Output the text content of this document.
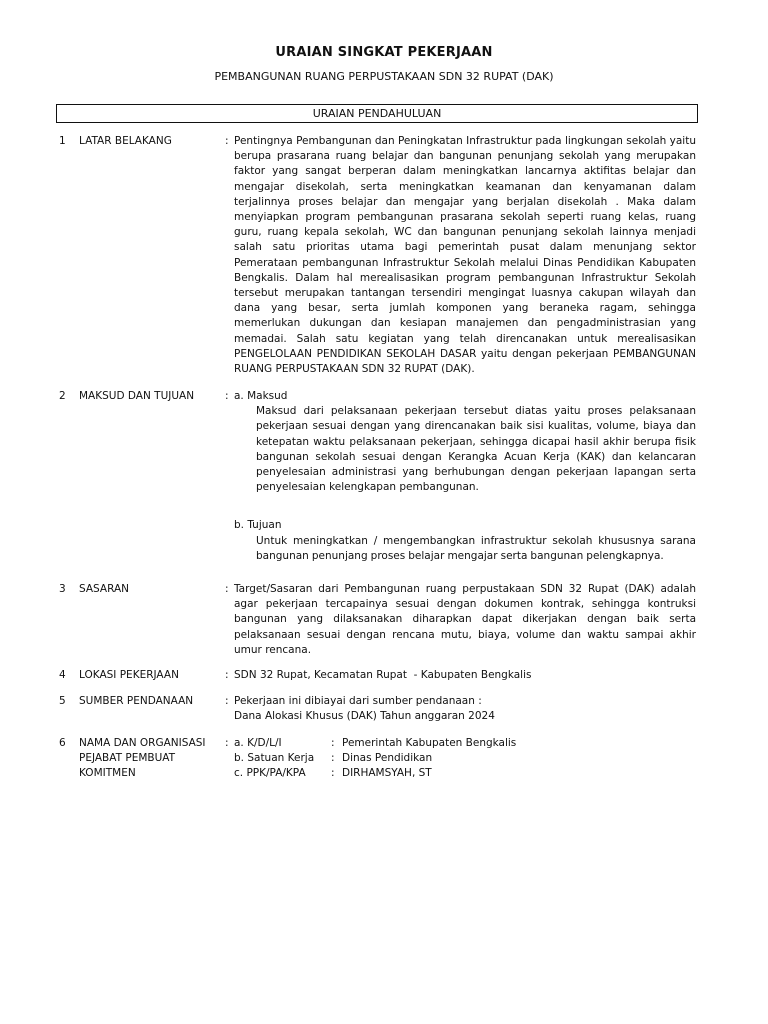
URAIAN SINGKAT PEKERJAAN
PEMBANGUNAN RUANG PERPUSTAKAAN SDN 32 RUPAT (DAK)
URAIAN PENDAHULUAN
1 LATAR BELAKANG	: Pentingnya Pembangunan dan Peningkatan Infrastruktur pada lingkungan sekolah yaitu berupa prasarana ruang belajar dan bangunan penunjang sekolah yang merupakan faktor yang sangat berperan dalam meningkatkan lancarnya aktifitas belajar dan mengajar disekolah, serta meningkatkan keamanan dan kenyamanan dalam terjalinnya proses belajar dan mengajar yang berjalan disekolah . Maka dalam menyiapkan program pembangunan prasarana sekolah seperti ruang kelas, ruang guru, ruang kepala sekolah, WC dan bangunan penunjang sekolah lainnya menjadi salah satu prioritas utama bagi pemerintah pusat dalam menunjang sektor Pemerataan pembangunan Infrastruktur Sekolah melalui Dinas Pendidikan Kabupaten Bengkalis. Dalam hal merealisasikan program pembangunan Infrastruktur Sekolah tersebut merupakan tantangan tersendiri mengingat luasnya cakupan wilayah dan dana yang besar, serta jumlah komponen yang beraneka ragam, sehingga memerlukan dukungan dan kesiapan manajemen dan pengadministrasian yang memadai. Salah satu kegiatan yang telah direncanakan untuk merealisasikan PENGELOLAAN PENDIDIKAN SEKOLAH DASAR yaitu dengan pekerjaan PEMBANGUNAN RUANG PERPUSTAKAAN SDN 32 RUPAT (DAK).
2 MAKSUD DAN TUJUAN	: a. Maksud

Maksud dari pelaksanaan pekerjaan tersebut diatas yaitu proses pelaksanaan pekerjaan sesuai dengan yang direncanakan baik sisi kualitas, volume, biaya dan ketepatan waktu pelaksanaan pekerjaan, sehingga dicapai hasil akhir berupa fisik bangunan sekolah sesuai dengan Kerangka Acuan Kerja (KAK) dan kelancaran penyelesaian administrasi yang berhubungan dengan pekerjaan lapangan serta penyelesaian kelengkapan pembangunan.

b. Tujuan

Untuk meningkatkan / mengembangkan infrastruktur sekolah khususnya sarana bangunan penunjang proses belajar mengajar serta bangunan pelengkapnya.

3 SASARAN	: Target/Sasaran dari Pembangunan ruang perpustakaan SDN 32 Rupat (DAK) adalah agar pekerjaan tercapainya sesuai dengan dokumen kontrak, sehingga kontruksi bangunan yang dilaksanakan diharapkan dapat dikerjakan dengan baik serta pelaksanaan sesuai dengan rencana mutu, biaya, volume dan waktu sampai akhir umur rencana.
4 LOKASI PEKERJAAN	: SDN 32 Rupat, Kecamatan Rupat  - Kabupaten Bengkalis
5 SUMBER PENDANAAN	: Pekerjaan ini dibiayai dari sumber pendanaan :
Dana Alokasi Khusus (DAK) Tahun anggaran 2024
6 NAMA DAN ORGANISASI PEJABAT PEMBUAT KOMITMEN
: a. K/D/L/I	: Pemerintah Kabupaten Bengkalis
b. Satuan Kerja	: Dinas Pendidikan
c. PPK/PA/KPA	: DIRHAMSYAH, ST
